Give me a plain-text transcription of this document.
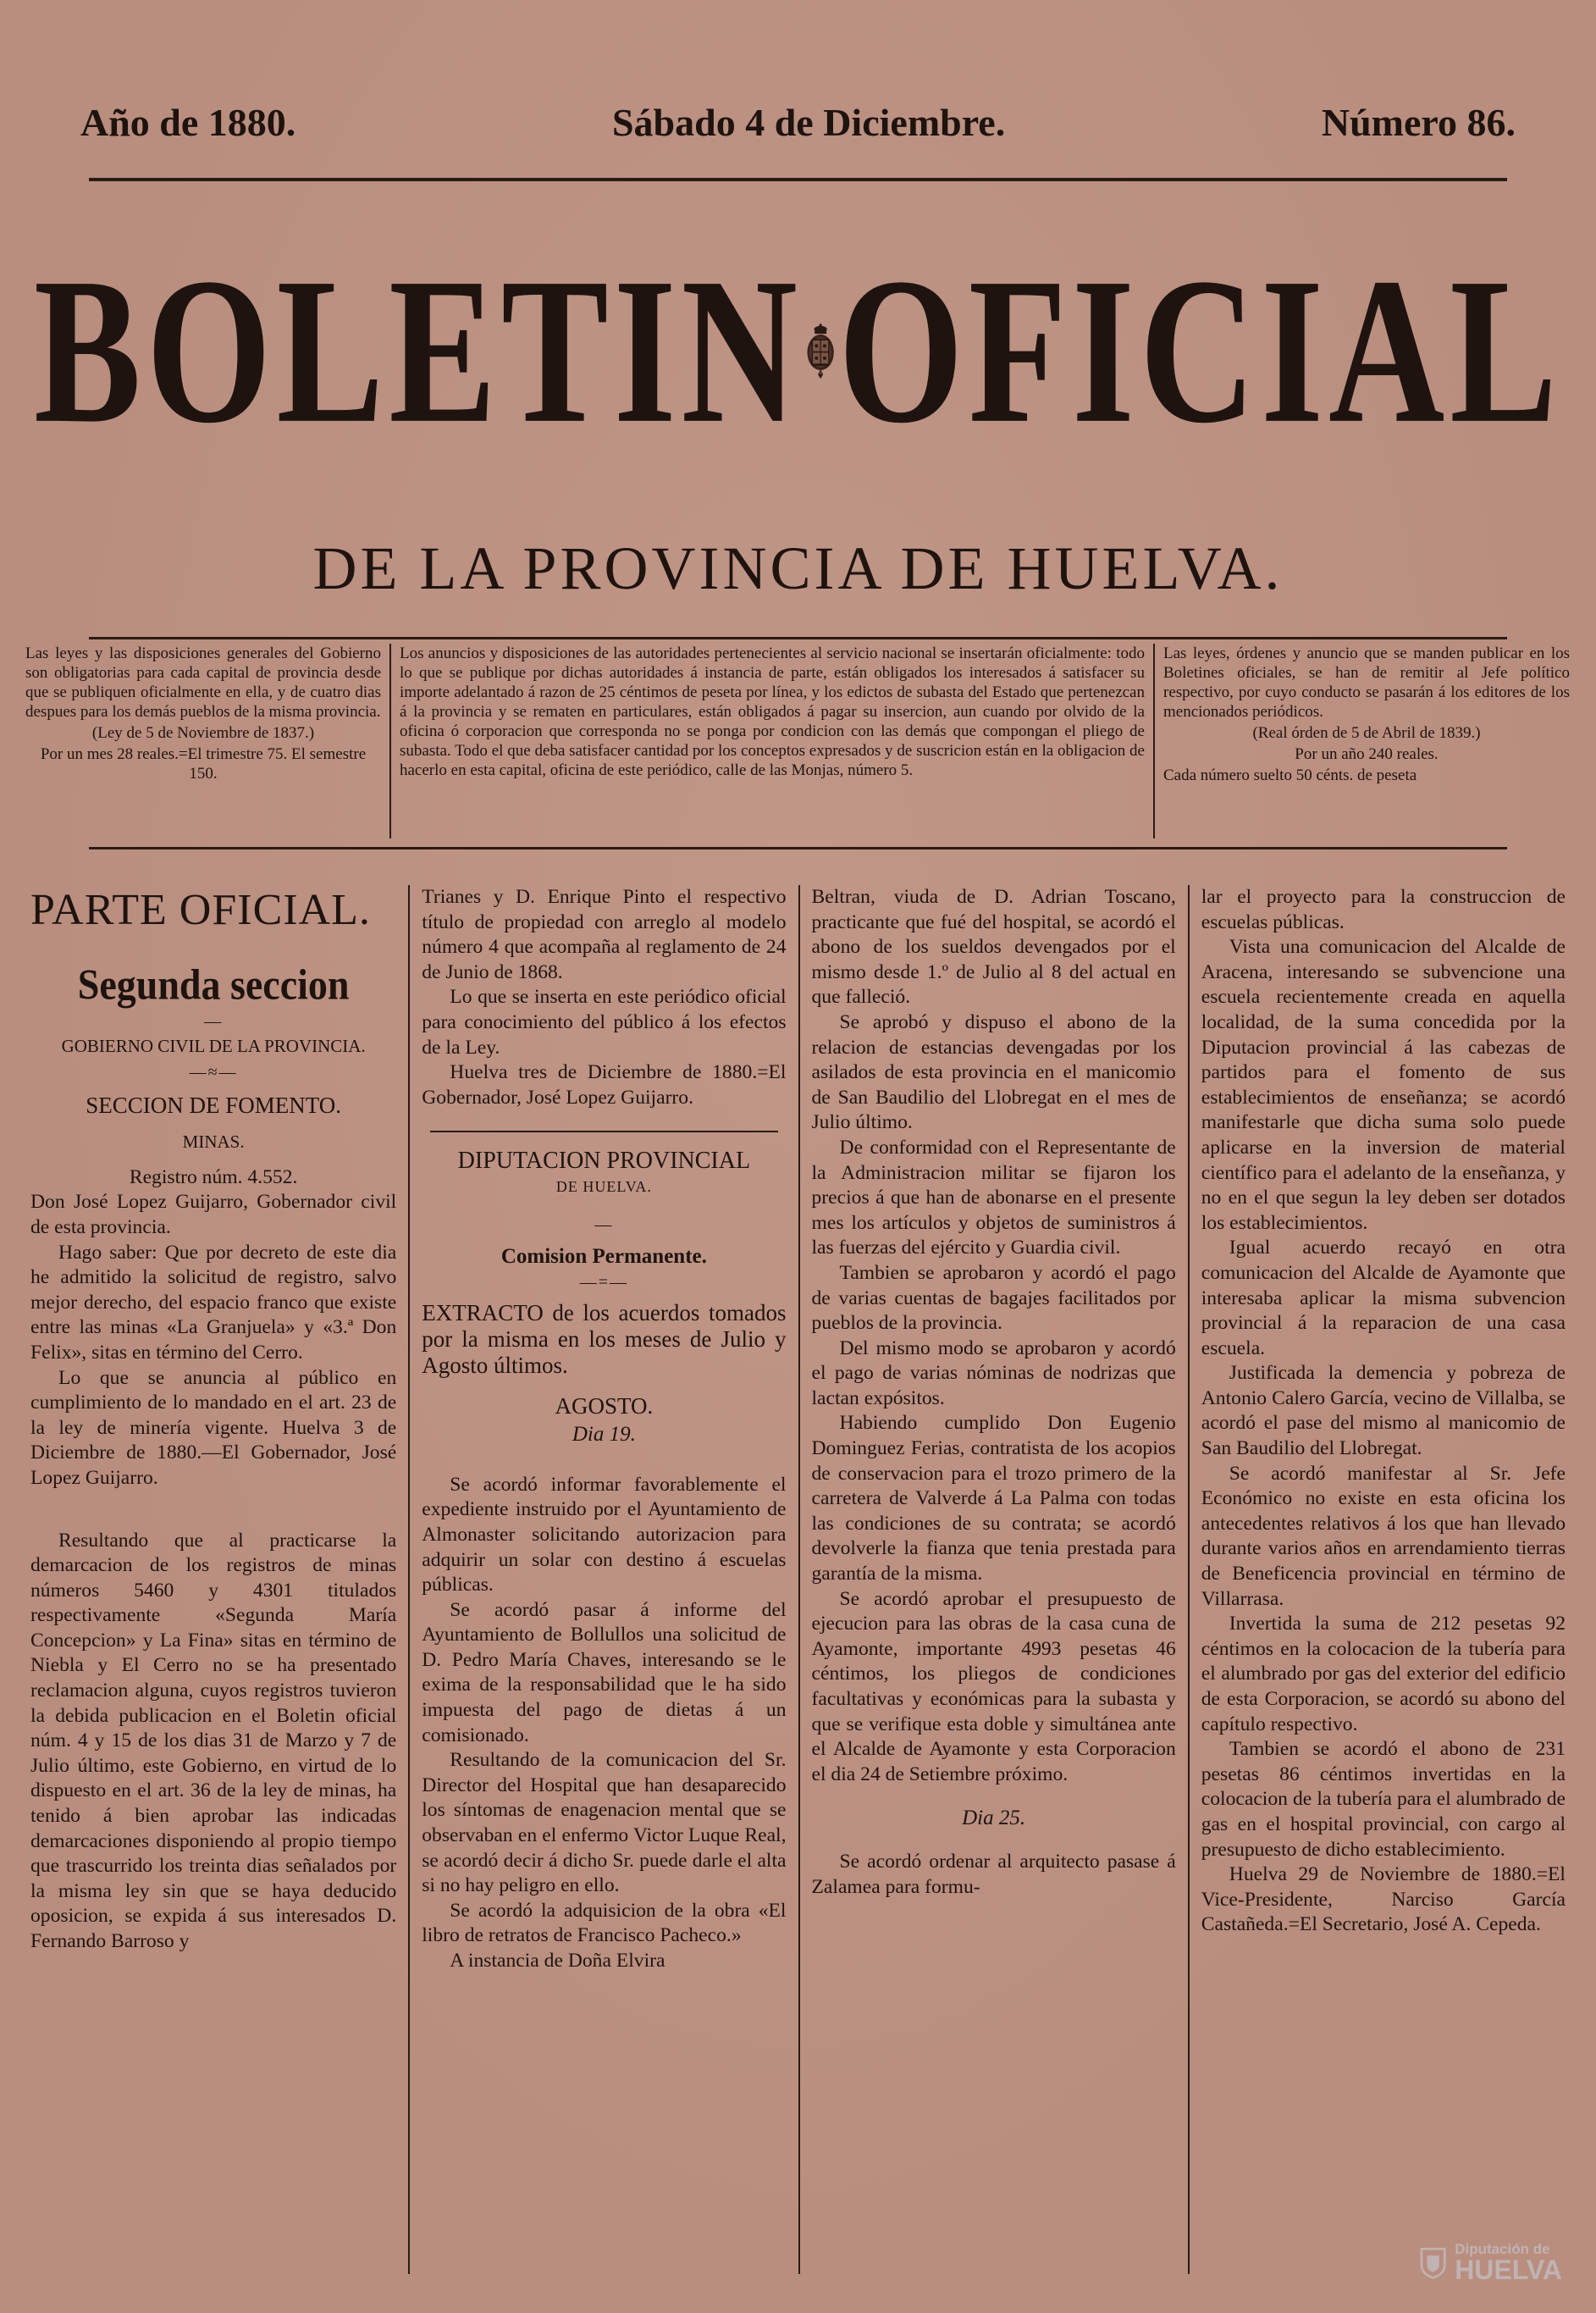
Año de 1880.	Sábado 4 de Diciembre.	Número 86.
BOLETIN OFICIAL
DE LA PROVINCIA DE HUELVA.

Las leyes y las disposiciones generales del Gobierno son obligatorias para cada capital de provincia desde que se publiquen oficialmente en ella, y de cuatro dias despues para los demás pueblos de la misma provincia.

(Ley de 5 de Noviembre de 1837.)

Por un mes 28 reales.=El trimestre 75. El semestre 150.

Los anuncios y disposiciones de las autoridades pertenecientes al servicio nacional se insertarán oficialmente: todo lo que se publique por dichas autoridades á instancia de parte, están obligados los interesados á satisfacer su importe adelantado á razon de 25 céntimos de peseta por línea, y los edictos de subasta del Estado que pertenezcan á la provincia y se rematen en particulares, están obligados á pagar su insercion, aun cuando por olvido de la oficina ó corporacion que corresponda no se ponga por condicion con las demás que compongan el pliego de subasta. Todo el que deba satisfacer cantidad por los conceptos expresados y de suscricion están en la obligacion de hacerlo en esta capital, oficina de este periódico, calle de las Monjas, número 5.

Las leyes, órdenes y anuncio que se manden publicar en los Boletines oficiales, se han de remitir al Jefe político respectivo, por cuyo conducto se pasarán á los editores de los mencionados periódicos.

(Real órden de 5 de Abril de 1839.)

Por un año 240 reales.

Cada número suelto 50 cénts. de peseta

PARTE OFICIAL.
Segunda seccion
—
GOBIERNO CIVIL DE LA PROVINCIA.
—≈—
SECCION DE FOMENTO.
MINAS.

Registro núm. 4.552.

Don José Lopez Guijarro, Gobernador civil de esta provincia.

Hago saber: Que por decreto de este dia he admitido la solicitud de registro, salvo mejor derecho, del espacio franco que existe entre las minas «La Granjuela» y «3.ª Don Felix», sitas en término del Cerro.

Lo que se anuncia al público en cumplimiento de lo mandado en el art. 23 de la ley de minería vigente. Huelva 3 de Diciembre de 1880.—El Gobernador, José Lopez Guijarro.

Resultando que al practicarse la demarcacion de los registros de minas números 5460 y 4301 titulados respectivamente «Segunda María Concepcion» y La Fina» sitas en término de Niebla y El Cerro no se ha presentado reclamacion alguna, cuyos registros tuvieron la debida publicacion en el Boletin oficial núm. 4 y 15 de los dias 31 de Marzo y 7 de Julio último, este Gobierno, en virtud de lo dispuesto en el art. 36 de la ley de minas, ha tenido á bien aprobar las indicadas demarcaciones disponiendo al propio tiempo que trascurrido los treinta dias señalados por la misma ley sin que se haya deducido oposicion, se expida á sus interesados D. Fernando Barroso y

Trianes y D. Enrique Pinto el respectivo título de propiedad con arreglo al modelo número 4 que acompaña al reglamento de 24 de Junio de 1868.

Lo que se inserta en este periódico oficial para conocimiento del público á los efectos de la Ley.

Huelva tres de Diciembre de 1880.=El Gobernador, José Lopez Guijarro.

DIPUTACION PROVINCIAL
DE HUELVA.
—
Comision Permanente.
—=—
EXTRACTO de los acuerdos tomados por la misma en los meses de Julio y Agosto últimos.
AGOSTO.
Dia 19.

Se acordó informar favorablemente el expediente instruido por el Ayuntamiento de Almonaster solicitando autorizacion para adquirir un solar con destino á escuelas públicas.

Se acordó pasar á informe del Ayuntamiento de Bollullos una solicitud de D. Pedro María Chaves, interesando se le exima de la responsabilidad que le ha sido impuesta del pago de dietas á un comisionado.

Resultando de la comunicacion del Sr. Director del Hospital que han desaparecido los síntomas de enagenacion mental que se observaban en el enfermo Victor Luque Real, se acordó decir á dicho Sr. puede darle el alta si no hay peligro en ello.

Se acordó la adquisicion de la obra «El libro de retratos de Francisco Pacheco.»

A instancia de Doña Elvira

Beltran, viuda de D. Adrian Toscano, practicante que fué del hospital, se acordó el abono de los sueldos devengados por el mismo desde 1.º de Julio al 8 del actual en que falleció.

Se aprobó y dispuso el abono de la relacion de estancias devengadas por los asilados de esta provincia en el manicomio de San Baudilio del Llobregat en el mes de Julio último.

De conformidad con el Representante de la Administracion militar se fijaron los precios á que han de abonarse en el presente mes los artículos y objetos de suministros á las fuerzas del ejército y Guardia civil.

Tambien se aprobaron y acordó el pago de varias cuentas de bagajes facilitados por pueblos de la provincia.

Del mismo modo se aprobaron y acordó el pago de varias nóminas de nodrizas que lactan expósitos.

Habiendo cumplido Don Eugenio Dominguez Ferias, contratista de los acopios de conservacion para el trozo primero de la carretera de Valverde á La Palma con todas las condiciones de su contrata; se acordó devolverle la fianza que tenia prestada para garantía de la misma.

Se acordó aprobar el presupuesto de ejecucion para las obras de la casa cuna de Ayamonte, importante 4993 pesetas 46 céntimos, los pliegos de condiciones facultativas y económicas para la subasta y que se verifique esta doble y simultánea ante el Alcalde de Ayamonte y esta Corporacion el dia 24 de Setiembre próximo.

Dia 25.

Se acordó ordenar al arquitecto pasase á Zalamea para formu-

lar el proyecto para la construccion de escuelas públicas.

Vista una comunicacion del Alcalde de Aracena, interesando se subvencione una escuela recientemente creada en aquella localidad, de la suma concedida por la Diputacion provincial á las cabezas de partidos para el fomento de sus establecimientos de enseñanza; se acordó manifestarle que dicha suma solo puede aplicarse en la inversion de material científico para el adelanto de la enseñanza, y no en el que segun la ley deben ser dotados los establecimientos.

Igual acuerdo recayó en otra comunicacion del Alcalde de Ayamonte que interesaba aplicar la misma subvencion provincial á la reparacion de una casa escuela.

Justificada la demencia y pobreza de Antonio Calero García, vecino de Villalba, se acordó el pase del mismo al manicomio de San Baudilio del Llobregat.

Se acordó manifestar al Sr. Jefe Económico no existe en esta oficina los antecedentes relativos á los que han llevado durante varios años en arrendamiento tierras de Beneficencia provincial en término de Villarrasa.

Invertida la suma de 212 pesetas 92 céntimos en la colocacion de la tubería para el alumbrado por gas del exterior del edificio de esta Corporacion, se acordó su abono del capítulo respectivo.

Tambien se acordó el abono de 231 pesetas 86 céntimos invertidas en la colocacion de la tubería para el alumbrado de gas en el hospital provincial, con cargo al presupuesto de dicho establecimiento.

Huelva 29 de Noviembre de 1880.=El Vice-Presidente, Narciso García Castañeda.=El Secretario, José A. Cepeda.

Diputación de
HUELVA
